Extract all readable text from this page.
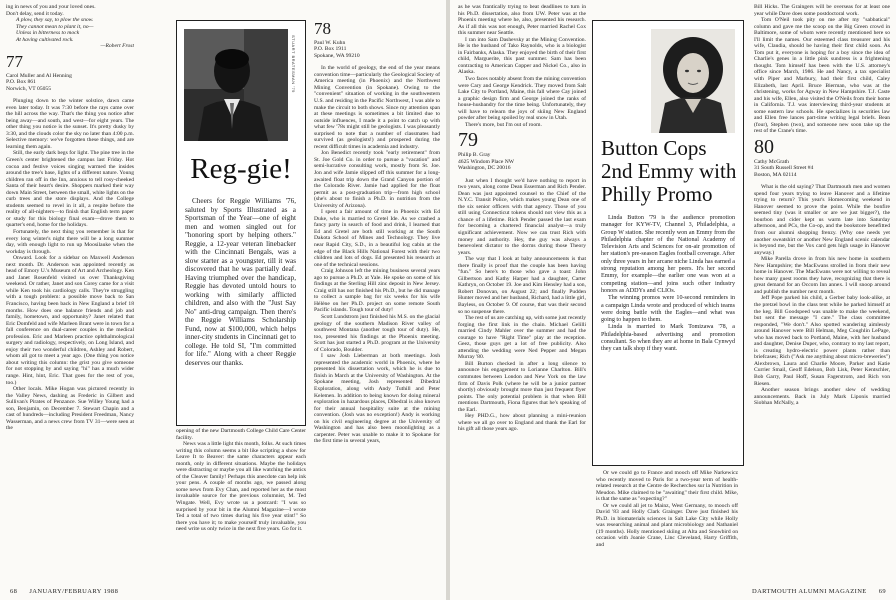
ing in news of you and your loved ones.

Don't delay, send it today.

A plow, they say, to plow the snow.
They cannot mean to plant it, no—
Unless in bitterness to mock
At having cultivated rock.
—Robert Frost
77
Carol Muller and Al Henning
P.O. Box 861
Norwich, VT 05055

Plunging down to the winter solstice, dawn came even later today. It was 7:30 before the rays came over the hill across the way. That's the thing you notice after being away—and south, and west—for eight years. The other thing you notice is the sunset. It's pretty dusky by 3:30, and the clouds color the sky no later than 4:00 p.m. Selective memory: we've forgotten these things, and are learning them again.

Still, the early dark begs for light. The pine tree in the Green's center brightened the campus last Friday. Hot cocoa and festive voices singing warmed the insides around the tree's base, lights of a different nature. Young children ran off in the Inn, anxious to tell rosy-cheeked Santa of their heart's desire. Shoppers marked their way down Main Street, between the small, white lights on the curb trees and the store displays. And the College students seemed to revel in it all, a respite before the reality of all-nighters—to finish that English term paper or study for this biology final exam—drove them to quarter's end, home for the holidays.

Fortunately, the next thing you remember is that for every long winter's night there will be a long summer day, with enough light to run up Moosilauke when the workday is through.

Onward. Look for a sidebar on Maxwell Anderson next month. Dr. Anderson was appointed recently as head of Emory U.'s Museum of Art and Archeology. Ken and Janet Rosenfeld visited us over Thanksgiving weekend. Or rather, Janet and son Corey came for a visit while Ken took his cardiology calls. They're struggling with a tough problem: a possible move back to San Francisco, having been back in New England a brief 18 months. How does one balance friends and job and family, hometown, and opportunity? Janet related that Eric Domfeld and wife Marleen Brant were in town for a fall conference on dual-career couples in the medical profession. Eric and Marleen practice ophthalmological surgery and radiology, respectively, on Long Island, and enjoy their two wonderful children, Ashley and Robert, whom all got to meet a year ago. (One thing you notice about writing this column: the grist you give someone for not stopping by and saying "hi" has a much wider range. Hint, hint, Eric. That goes for the rest of you, too.)

Other locals. Mike Hogan was pictured recently in the Valley News, dashing as Frederic in Gilbert and Sullivan's Pirates of Penzance. Sue Willey Young had a son, Benjamin, on December 7. Stewart Chapin and a cast of hundreds—including President Freedman, Nancy Wasserman, and a news crew from TV 31—were seen at the

STUART BRATESMAN '79
Reg-gie!
Cheers for Reggie Williams '76, saluted by Sports Illustrated as a Sportsman of the Year—one of eight men and women singled out for "honoring sport by helping others." Reggie, a 12-year veteran linebacker with the Cincinnati Bengals, was a slow starter as a youngster, till it was discovered that he was partially deaf. Having triumphed over the handicap, Reggie has devoted untold hours to working with similarly afflicted children, and also with the "Just Say No" anti-drug campaign. Then there's the Reggie Williams Scholarship Fund, now at $100,000, which helps inner-city students in Cincinnati get to college. He told SI, "I'm committed for life." Along with a cheer Reggie deserves our thanks.

opening of the new Dartmouth College Child Care Center facility.

News was a little light this month, folks. At such times writing this column seems a bit like scripting a show for Leave It to Beaver: the same characters appear each month, only in different situations. Maybe the holidays were distracting or maybe you all like watching the antics of the Cleaver family! Perhaps this anecdote can help ink your pens. A couple of months ago, we passed along some news from Evy Chan, and reported her as the most invaluable source for the previous columnist, M. Ted Wingate. Well, Evy wrote us a postcard: "I was so surprised by your bit in the Alumni Magazine—I wrote Ted a total of two times during his five year stint!" So there you have it; to make yourself truly invaluable, you need write us only twice in the next five years. Go for it.

78
Paul W. Kuhn
P.O. Box 1911
Spokane, WA 99210

In the world of geology, the end of the year means convention time—particularly the Geological Society of America meeting (in Phoenix) and the Northwest Mining Convention (in Spokane). Owing to the "convenient" situation of working in the southwestern U.S. and residing in the Pacific Northwest, I was able to make the circuit to both shows. Since my attention span at these meetings is sometimes a bit limited due to outside influences, I made it a point to catch up with what few '78s might still be geologists. I was pleasantly surprised to note that a number of classmates had survived (as geologists!) and prospered during the recent difficult times in academia and industry.

Jon Benedict recently took "early retirement" from St. Joe Gold Co. in order to pursue a "vacation" and semi-lucrative consulting work, mostly from St. Joe. Jon and wife Jamie slipped off this summer for a long-awaited float trip down the Grand Canyon portion of the Colorado River. Jamie had applied for the float permit as a post-graduation trip—from high school (she's about to finish a Ph.D. in nutrition from the University of Arizona).

I spent a fair amount of time in Phoenix with Ed Duke, who is married to Gretel Ide. As we crashed a fancy party in search of food and drink, I learned that Ed and Gretel are both still working at the South Dakota School of Mines and Technology. They live near Rapid City, S.D., in a beautiful log cabin at the edge of the Black Hills National Forest with their two children and lots of dogs. Ed presented his research at one of the technical sessions.

Craig Johnson left the mining business several years ago to pursue a Ph.D. at Yale. He spoke on some of his findings at the Sterling Hill zinc deposit in New Jersey. Craig still has not finished his Ph.D., but he did manage to collect a sample bag for six weeks for his wife Hélène on her Ph.D. project on some remote South Pacific islands. Tough tour of duty!

Scott Lundstrom just finished his M.S. on the glacial geology of the southern Madison River valley of southwest Montana (another tough tour of duty). He, too, presented his findings at the Phoenix meeting. Scott has just started a Ph.D. program at the University of Colorado, Boulder.

I saw Josh Lieberman at both meetings. Josh represented the academic world in Phoenix, where he presented his dissertation work, which he is due to finish in March at the University of Washington. At the Spokane meeting, Josh represented Dibedral Exploration, along with Andy Tuthill and Peter Kelemen. In addition to being known for doing mineral exploration in hazardous places, Dibedral is also known for their annual hospitality suite at the mining convention. (Josh was no exception!) Andy is working on his civil engineering degree at the University of Washington and has also been moonlighting as a carpenter. Peter was unable to make it to Spokane for the first time in several years,

68 JANUARY/FEBRUARY 1988

as he was frantically trying to beat deadlines to turn in his Ph.D. dissertation, also from UW. Peter was at the Phoenix meeting where he, also, presented his research. As if all this was not enough, Peter married Rachel Cox this summer near Seattle.

I ran into Sam Dashevsky at the Mining Convention. He is the husband of Tako Raynolds, who is a biologist in Fairbanks, Alaska. They enjoyed the birth of their first child, Marguerite, this past summer. Sam has been contracting to American Copper and Nickel Co., also in Alaska.

Two faces notably absent from the mining convention were Cary and George Kendrick. They moved from Salt Lake City to Portland, Maine, this fall where Cay joined a graphic design firm and George joined the ranks of house-husbandry for the time being. Unfortunately, they will have to relearn the joys of skiing New England powder after being spoiled by real snow in Utah.

There's more, but I'm out of room.

79
Philip B. Gray
4625 Windom Place NW
Washington, DC 20016

Just when I thought we'd have nothing to report in two years, along come Dean Esserman and Rich Pender. Dean was just appointed counsel to the Chief of the N.Y.C. Transit Police, which makes young Dean one of the six senior officers with that agency. Those of you still using Connecticut tokens should not view this as a chance of a lifetime. Rich Pender passed the last exam for becoming a chartered financial analyst—a truly significant achievement. Now we can trust Rich with money and authority. Hey, the guy was always a benevolent dictator to the dorms during those Theory years.

The way that I look at baby announcements is that there finally is proof that the couple has been having "fun." So here's to those who gave a toast: John Gilbertson and Kathy Harper had a daughter, Carter Kathryn, on October 19. Joe and Kim Hensley had a son, Robert Donovan, on August 22; and finally Pudden Hunter moved and her husband, Richard, had a little girl, Bayless, on October 9. Of course, that was their second so no suspense there.

The rest of us are catching up, with some just recently forging the first link in the chain. Michael Gelilli married Cindy Mahler over the summer and had the courage to have "Right Time" play at the reception. Geez, those guys get a lot of free publicity. Also attending the wedding were Ned Pepper and Megan Murray '80.

Bill Burton checked in after a long silence to announce his engagement to Lorianne Charlton. Bill's commutes between London and New York on the law firm of Davis Polk (where he will be a junior partner shortly) obviously brought more than just frequent flyer points. The only potential problem is that when Bill mentions Dartmouth, Fiona figures that he's speaking of the Earl.

Hey PHD.G., how about planning a mini-reunion where we all go over to England and thank the Earl for his gift all those years ago.

Button Cops 2nd Emmy with Philly Promo

Linda Button '79 is the audience promotion manager for KYW-TV, Channel 3, Philadelphia, a Group W station. She recently won an Emmy from the Philadelphia chapter of the National Academy of Television Arts and Sciences for on-air promotion of her station's pre-season Eagles football coverage. After only three years in her arcane niche Linda has earned a strong reputation among her peers. It's her second Emmy, for example—the earlier one was won at a competing station—and joins such other industry honors as ADDYs and CLIOs.

The winning promos were 10-second reminders in a campaign Linda wrote and produced of which teams were doing battle with the Eagles—and what was going to happen to them.

Linda is married to Mark Tomizawa '78, a Philadelphia-based advertising and promotion consultant. So when they are at home in Bala Cynwyd they can talk shop if they want.

Or we could go to France and mooch off Mike Narkewicz who recently moved to Paris for a two-year term of health-related research at the Centre de Recherches sur la Nutrition in Meudon. Mike claimed to be "awaiting" their first child. Mike, is that the same as "expecting?"

Or we could all jet to Mainz, West Germany, to mooch off David '83 and Holly Clark Grainger. Dave just finished his Ph.D. in biomaterials sciences in Salt Lake City while Holly was researching animal and plant microbiology and Nathaniel (19 months). Holly mentioned skiing at Alta and Snowbird on occasion with Joanie Crane, Linc Cleveland, Harry Griffith, and

Bill Hicks. The Graingers will be overseas for at least one year while Dave does some postdoctoral work.

Tom O'Neil took pity on me after my "sabbatical" column and gave me the scoop on the Big Green crowd in Baltimore, some of whom were recently mentioned here so I'll limit the names. Our esteemed class treasurer and his wife, Claudia, should be having their first child soon. As Tom put it, everyone is hoping for a boy since the idea of Charlie's genes in a little pink sundress is a frightening thought. Tom himself has been with the U.S. attorney's office since March, 1986. He and Nancy, a tax specialist with Piper and Marbury, had their first child, Caley Elizabeth, last April. Bruce Bierman, who was at the christening, works for Agway in New Hampshire. T.J. Caste and his wife, Ellen, also visited the O'Neils from their home in California. T.J. was interviewing third-year students at some eastern law schools. He specializes in securities law and Ellen free lances part-time writing legal briefs. Bean (four), Stephen (two), and someone new soon take up the rest of the Crane's time.

80
Cathy McGrath
31 South Russell Street #4
Boston, MA 02114

What is the old saying? That Dartmouth men and women spend four years trying to leave Hanover and a lifetime trying to return? This year's Homecoming weekend in Hanover seemed to prove the point. While the bonfire seemed tiny (was it smaller or are we just bigger?), the bourbon and cider kept us warm late into Saturday afternoon, and PCs, the Co-op, and the bookstore benefitted from our alumni shopping frenzy. (Why one needs yet another sweatshirt or another New England scenic calendar is beyond me, but the Vox card gets high usage in Hanover anyway.)

Mike Parella drove in from his new home in southern New Hampshire; the MacEwans strolled in from their new home in Hanover. The MacEwans were not willing to reveal how many guest rooms they have, recognizing that there is great demand for an Occom Inn annex. I will snoop around and publish the number next month.

Jeff Pope parked his child, a Gerber baby look-alike, at the pretzel bowl in the class tent while he parked himself at the keg. Bill Goodspeed was unable to make the weekend, but sent the message "I care." The class committee responded, "We don't." Also spotted wandering aimlessly around Hanover were Bill Helman, Meg Coughlin LePage, who has moved back to Portland, Maine, with her husband and daughter, Denise Duper, who, contrary to my last report, is creating hydro-electric power plants rather than briefcases; Rich ("Ask me anything about micro-breweries") Alexbrown, Laura and Charlie Moore, Parker and Katie Currier Smail, Geoff Edelson, Bob Lisk, Peter Kentschler, Bob Garry, Paul Hoff, Susan Fagerstrom, and Rich von Riesen.

Another season brings another slew of wedding announcements. Back in July Mark Liponis married Siobhan McNally, a

DARTMOUTH ALUMNI MAGAZINE 69
